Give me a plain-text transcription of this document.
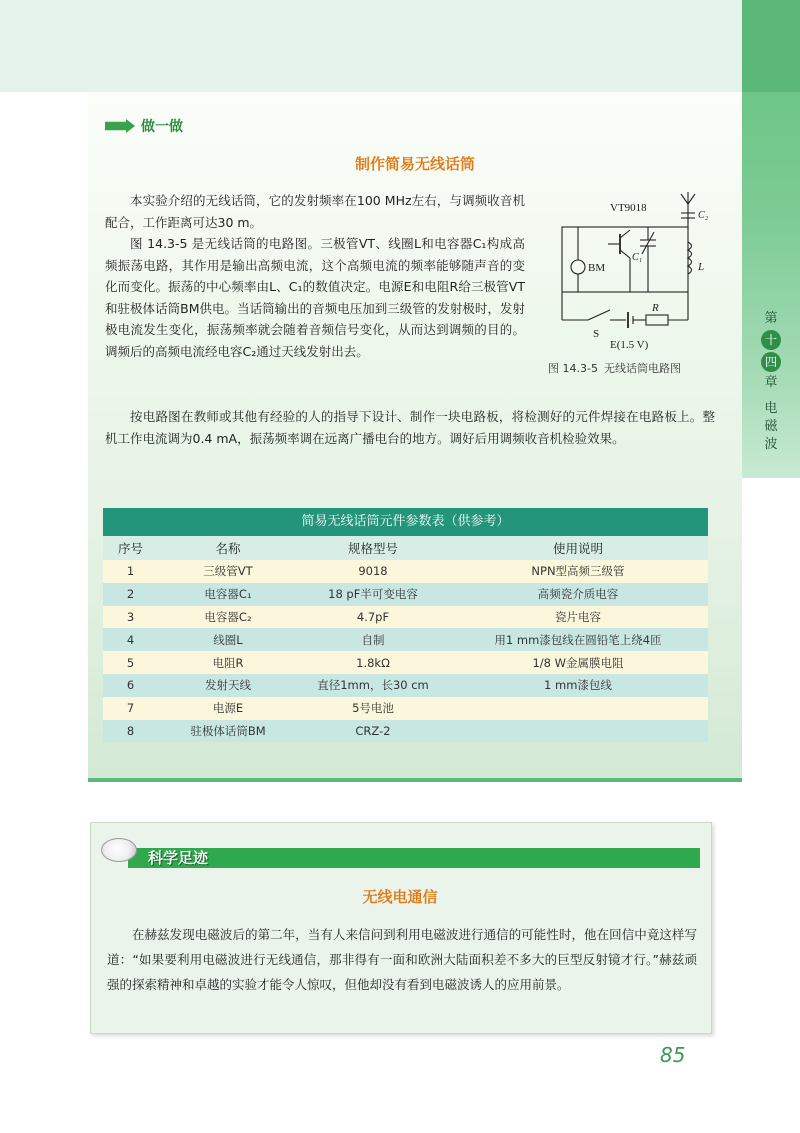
第
十
四
章
电
磁
波
做一做
制作简易无线话筒

本实验介绍的无线话筒，它的发射频率在100 MHz左右，与调频收音机配合，工作距离可达30 m。

图 14.3-5 是无线话筒的电路图。三极管VT、线圈L和电容器C₁构成高频振荡电路，其作用是输出高频电流，这个高频电流的频率能够随声音的变化而变化。振荡的中心频率由L、C₁的数值决定。电源E和电阻R给三极管VT和驻极体话筒BM供电。当话筒输出的音频电压加到三级管的发射极时，发射极电流发生变化，振荡频率就会随着音频信号变化，从而达到调频的目的。调频后的高频电流经电容C₂通过天线发射出去。

VT9018
C₂
C₁
BM	L
R
S
E(1.5 V)
图 14.3-5 无线话筒电路图

按电路图在教师或其他有经验的人的指导下设计、制作一块电路板，将检测好的元件焊接在电路板上。整机工作电流调为0.4 mA，振荡频率调在远离广播电台的地方。调好后用调频收音机检验效果。

简易无线话筒元件参数表（供参考）
序号	名称	规格型号	使用说明
1	三级管VT	9018	NPN型高频三级管
2	电容器C₁	18 pF半可变电容	高频瓷介质电容
3	电容器C₂	4.7pF	瓷片电容
4	线圈L	自制	用1 mm漆包线在圆铅笔上绕4匝
5	电阻R	1.8kΩ	1/8 W金属膜电阻
6	发射天线	直径1mm，长30 cm	1 mm漆包线
7	电源E	5号电池	
8	驻极体话筒BM	CRZ-2	
科学足迹
无线电通信

在赫兹发现电磁波后的第二年，当有人来信问到利用电磁波进行通信的可能性时，他在回信中竟这样写道：“如果要利用电磁波进行无线通信，那非得有一面和欧洲大陆面积差不多大的巨型反射镜才行。”赫兹顽强的探索精神和卓越的实验才能令人惊叹，但他却没有看到电磁波诱人的应用前景。

85
